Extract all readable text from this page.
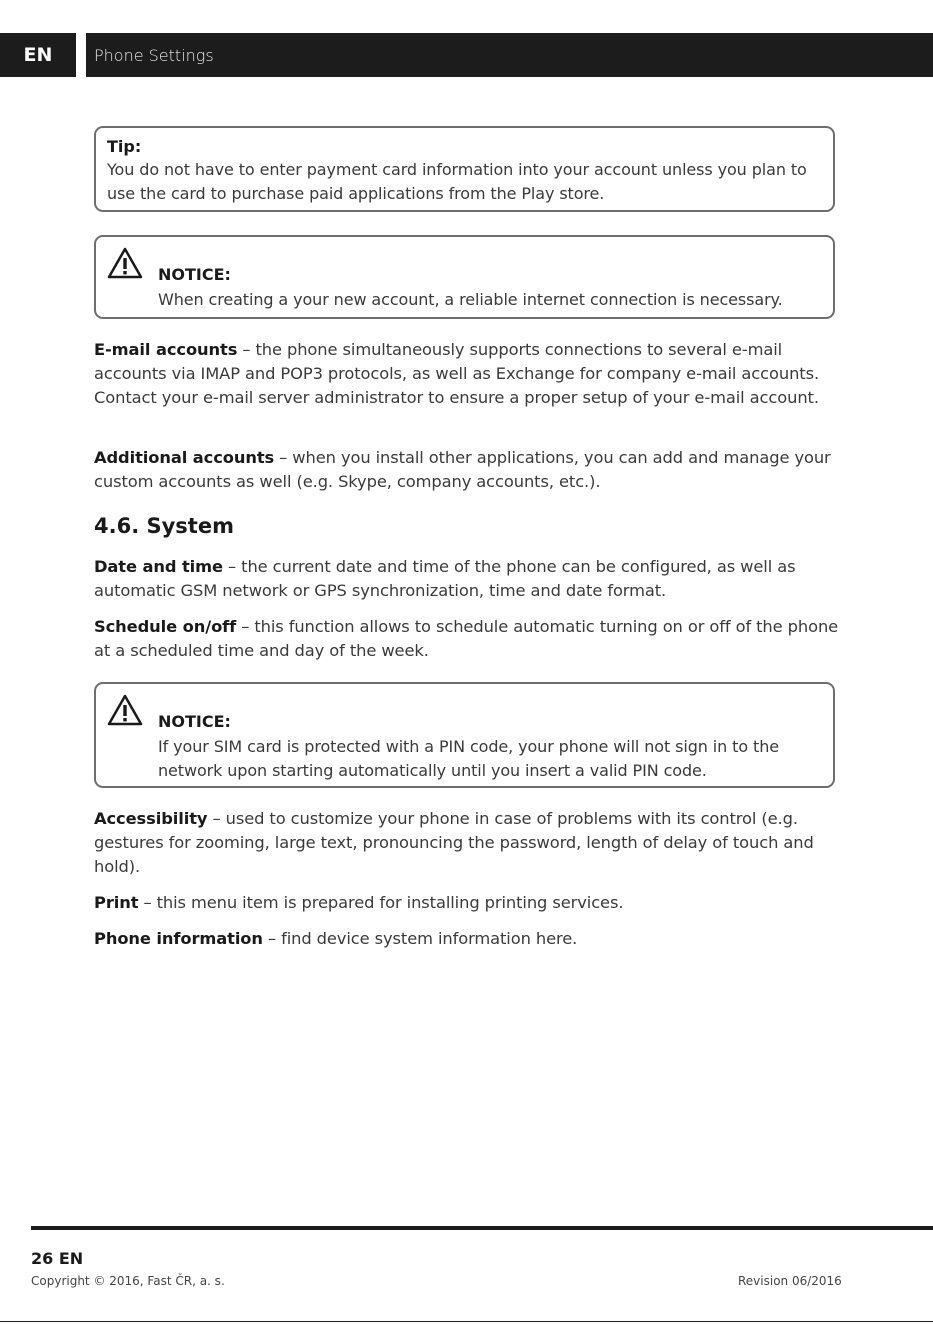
EN	Phone Settings
Tip:
You do not have to enter payment card information into your account unless you plan to use the card to purchase paid applications from the Play store.
NOTICE:
When creating a your new account, a reliable internet connection is necessary.

E-mail accounts – the phone simultaneously supports connections to several e-mail accounts via IMAP and POP3 protocols, as well as Exchange for company e-mail accounts. Contact your e-mail server administrator to ensure a proper setup of your e-mail account.

Additional accounts – when you install other applications, you can add and manage your custom accounts as well (e.g. Skype, company accounts, etc.).

4.6. System

Date and time – the current date and time of the phone can be configured, as well as automatic GSM network or GPS synchronization, time and date format.

Schedule on/off – this function allows to schedule automatic turning on or off of the phone at a scheduled time and day of the week.

NOTICE:
If your SIM card is protected with a PIN code, your phone will not sign in to the network upon starting automatically until you insert a valid PIN code.

Accessibility – used to customize your phone in case of problems with its control (e.g. gestures for zooming, large text, pronouncing the password, length of delay of touch and hold).

Print – this menu item is prepared for installing printing services.

Phone information – find device system information here.

26 EN
Copyright © 2016, Fast ČR, a. s.	Revision 06/2016
